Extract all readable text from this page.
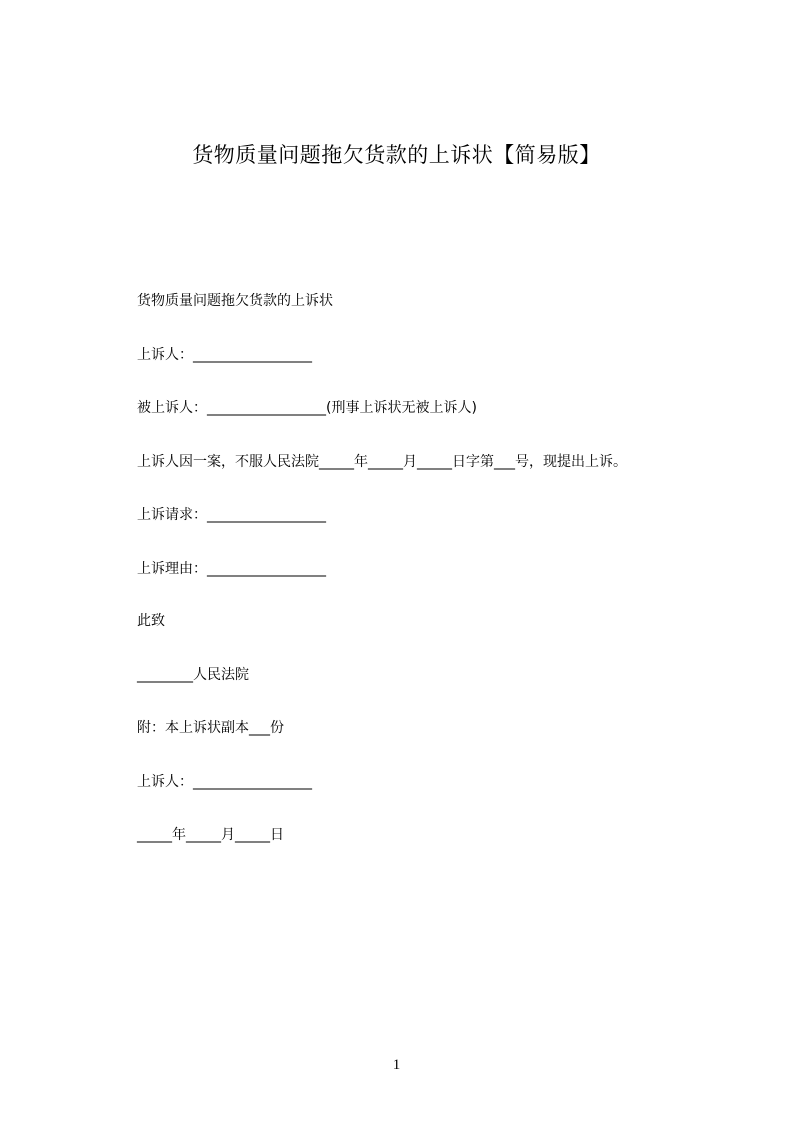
货物质量问题拖欠货款的上诉状【简易版】
货物质量问题拖欠货款的上诉状
上诉人：_________________
被上诉人：_________________(刑事上诉状无被上诉人)
上诉人因一案，不服人民法院_____年_____月_____日字第___号，现提出上诉。
上诉请求：_________________
上诉理由：_________________
此致
________人民法院
附：本上诉状副本___份
上诉人：_________________
_____年_____月_____日
1
